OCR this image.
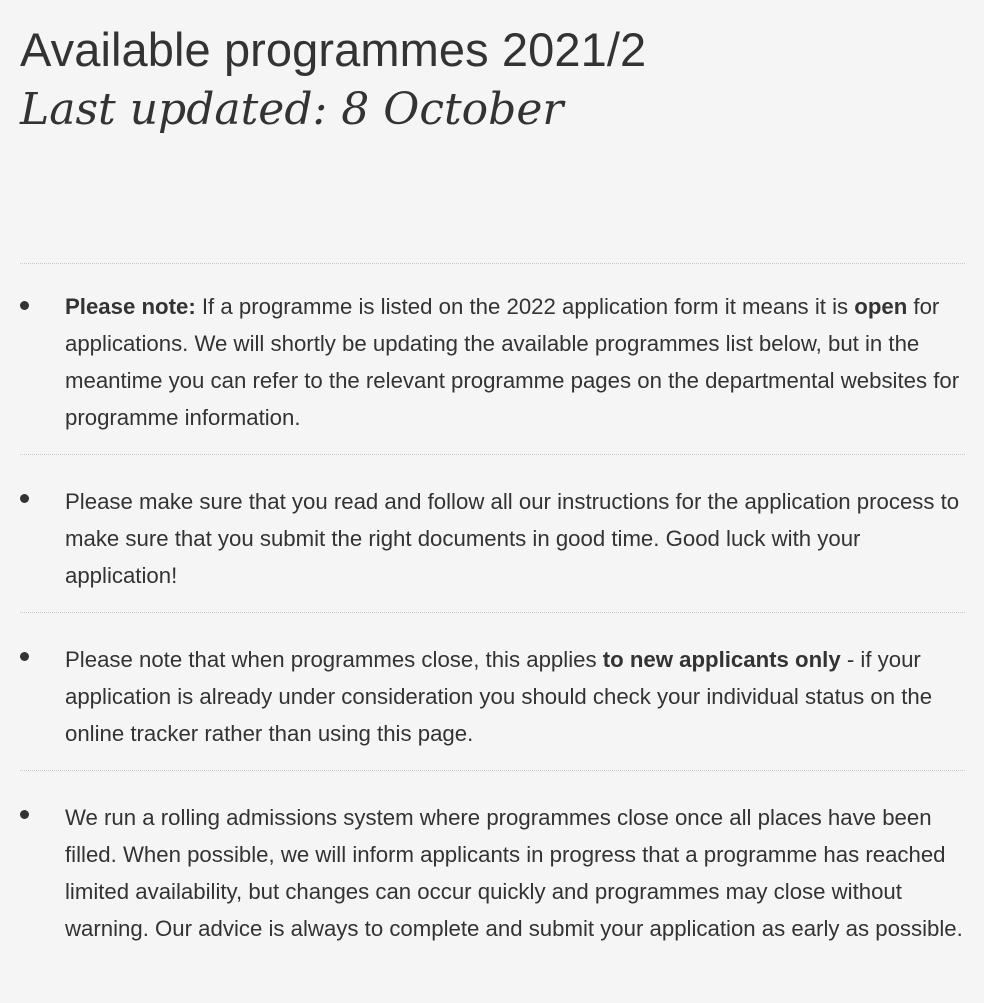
Available programmes 2021/2
Last updated: 8 October
Please note: If a programme is listed on the 2022 application form it means it is open for applications. We will shortly be updating the available programmes list below, but in the meantime you can refer to the relevant programme pages on the departmental websites for programme information.
Please make sure that you read and follow all our instructions for the application process to make sure that you submit the right documents in good time. Good luck with your application!
Please note that when programmes close, this applies to new applicants only - if your application is already under consideration you should check your individual status on the online tracker rather than using this page.
We run a rolling admissions system where programmes close once all places have been filled. When possible, we will inform applicants in progress that a programme has reached limited availability, but changes can occur quickly and programmes may close without warning. Our advice is always to complete and submit your application as early as possible.
